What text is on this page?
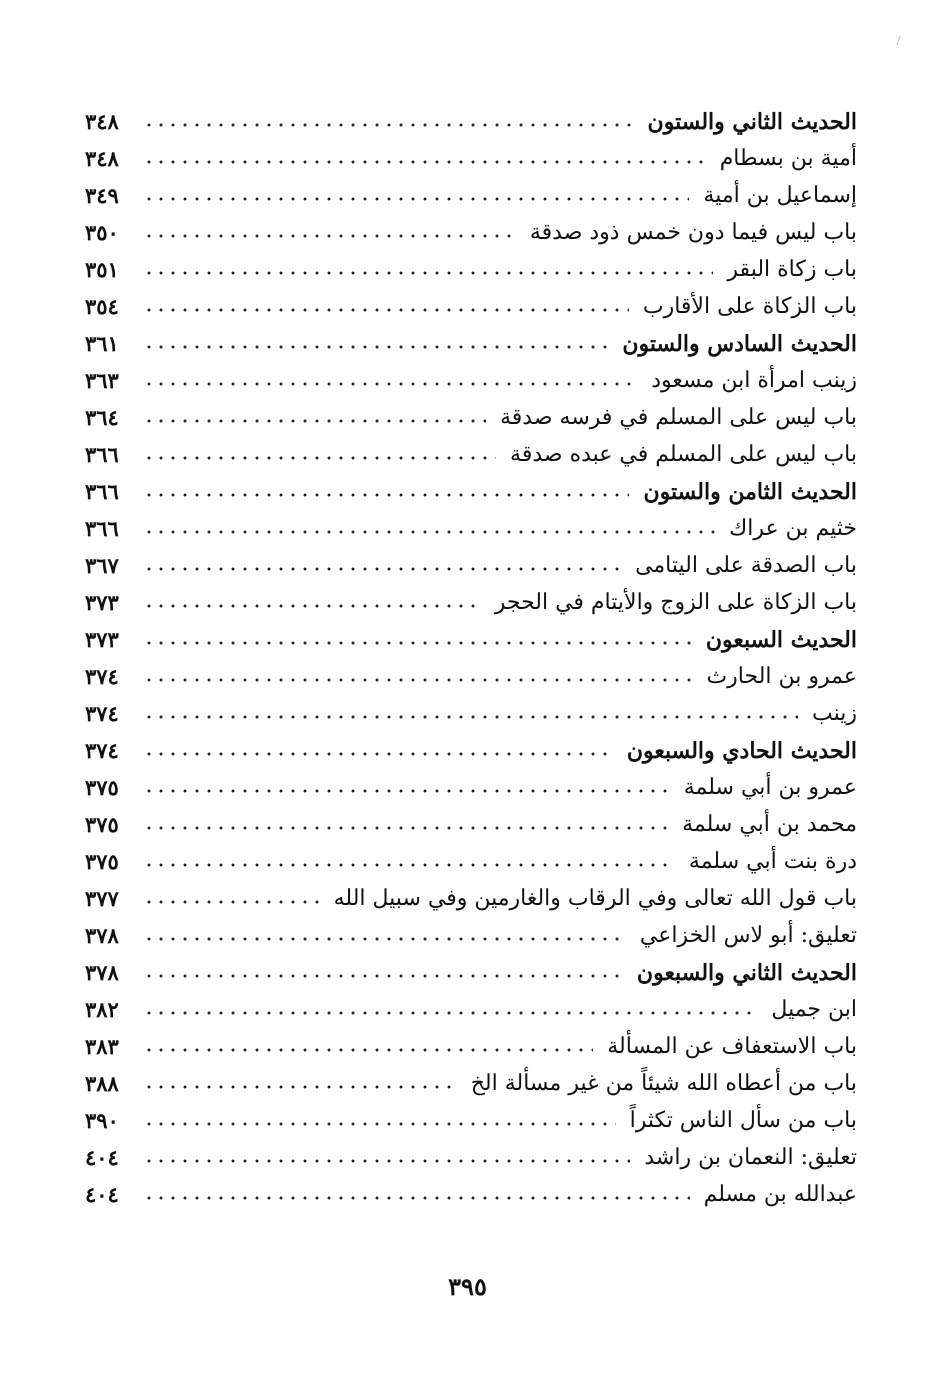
الحديث الثاني والستون
٣٤٨
أمية بن بسطام
٣٤٨
إسماعيل بن أمية
٣٤٩
باب ليس فيما دون خمس ذود صدقة
٣٥٠
باب زكاة البقر
٣٥١
باب الزكاة على الأقارب
٣٥٤
الحديث السادس والستون
٣٦١
زينب امرأة ابن مسعود
٣٦٣
باب ليس على المسلم في فرسه صدقة
٣٦٤
باب ليس على المسلم في عبده صدقة
٣٦٦
الحديث الثامن والستون
٣٦٦
خثيم بن عراك
٣٦٦
باب الصدقة على اليتامى
٣٦٧
باب الزكاة على الزوج والأيتام في الحجر
٣٧٣
الحديث السبعون
٣٧٣
عمرو بن الحارث
٣٧٤
زينب
٣٧٤
الحديث الحادي والسبعون
٣٧٤
عمرو بن أبي سلمة
٣٧٥
محمد بن أبي سلمة
٣٧٥
درة بنت أبي سلمة
٣٧٥
باب قول الله تعالى وفي الرقاب والغارمين وفي سبيل الله
٣٧٧
تعليق: أبو لاس الخزاعي
٣٧٨
الحديث الثاني والسبعون
٣٧٨
ابن جميل
٣٨٢
باب الاستعفاف عن المسألة
٣٨٣
باب من أعطاه الله شيئاً من غير مسألة الخ
٣٨٨
باب من سأل الناس تكثراً
٣٩٠
تعليق: النعمان بن راشد
٤٠٤
عبدالله بن مسلم
٤٠٤
٣٩٥
